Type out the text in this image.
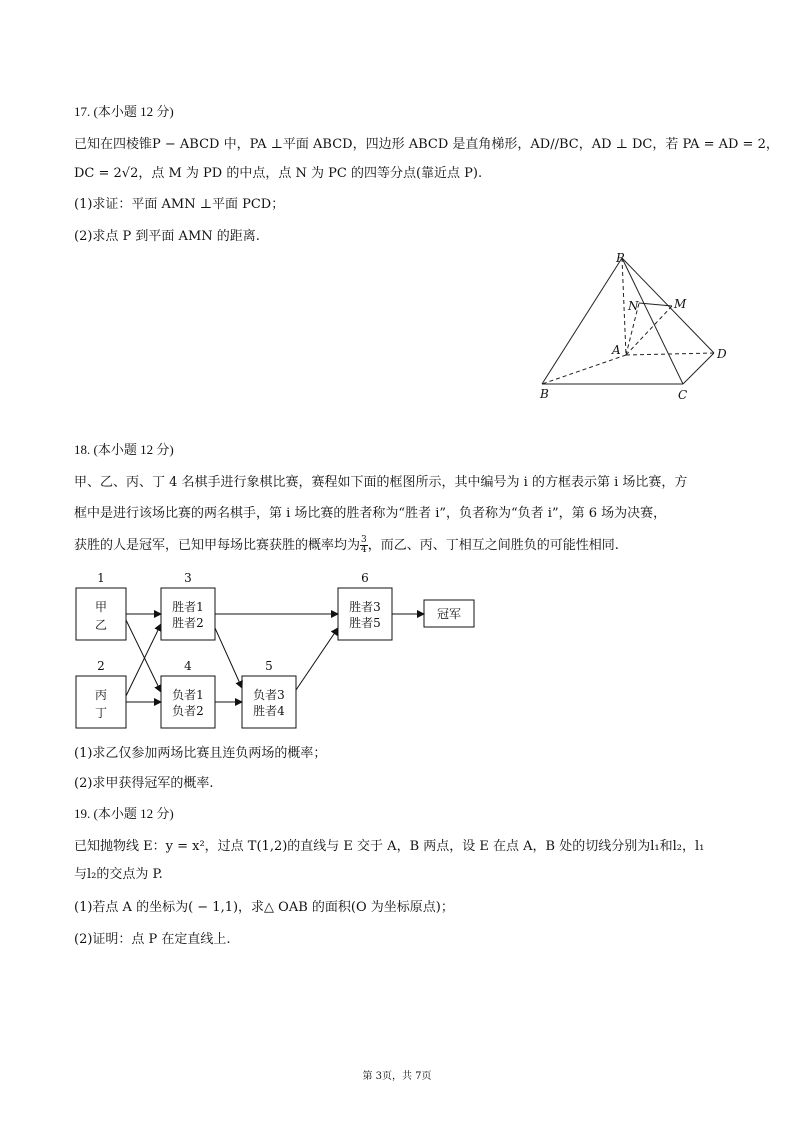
17. (本小题 12 分)
已知在四棱锥P − ABCD 中，PA ⊥平面 ABCD，四边形 ABCD 是直角梯形，AD//BC，AD ⊥ DC，若 PA = AD = 2，
DC = 2√2，点 M 为 PD 的中点，点 N 为 PC 的四等分点(靠近点 P).
(1)求证：平面 AMN ⊥平面 PCD；
(2)求点 P 到平面 AMN 的距离.
P
N	M
A	D
B	C
18. (本小题 12 分)
甲、乙、丙、丁 4 名棋手进行象棋比赛，赛程如下面的框图所示，其中编号为 i 的方框表示第 i 场比赛，方
框中是进行该场比赛的两名棋手，第 i 场比赛的胜者称为“胜者 i”，负者称为“负者 i”，第 6 场为决赛，
获胜的人是冠军，已知甲每场比赛获胜的概率均为 $\frac{3}{4}$ ，而乙、丙、丁相互之间胜负的可能性相同.
1
甲
乙
3
胜者1
胜者2
6
胜者3
胜者5
冠军
2
丙
丁
4
负者1
负者2
5
负者3
胜者4
(1)求乙仅参加两场比赛且连负两场的概率；
(2)求甲获得冠军的概率.
19. (本小题 12 分)
已知抛物线 E：y = x²，过点 T(1,2)的直线与 E 交于 A，B 两点，设 E 在点 A，B 处的切线分别为l₁和l₂，l₁
与l₂的交点为 P.
(1)若点 A 的坐标为( − 1,1)，求△ OAB 的面积(O 为坐标原点)；
(2)证明：点 P 在定直线上.
第 3页，共 7页
